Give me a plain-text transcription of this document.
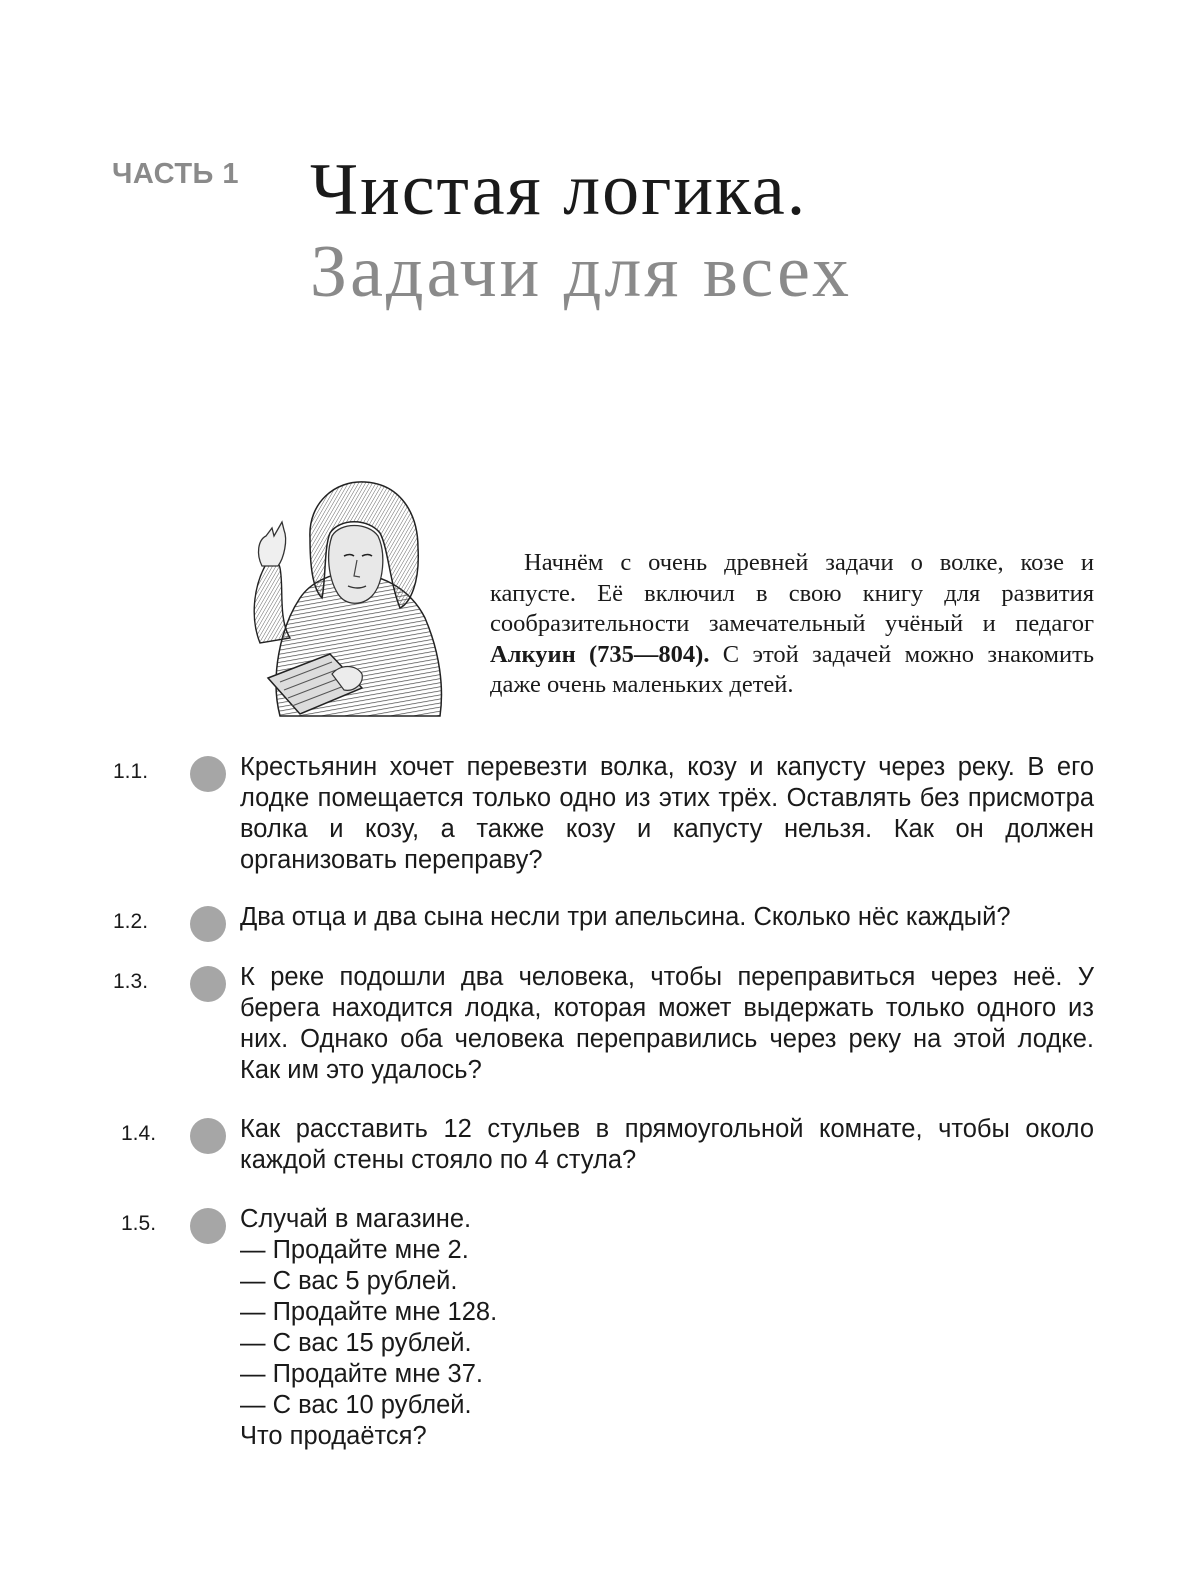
ЧАСТЬ 1 Чистая логика.
Задачи для всех
Начнём с очень древней задачи о волке, козе и капусте. Её включил в свою книгу для развития сообразительности замечательный учёный и педагог Алкуин (735—804). С этой задачей можно знакомить даже очень маленьких детей.
1.1.	Крестьянин хочет перевезти волка, козу и капусту через реку. В его лодке помещается только одно из этих трёх. Оставлять без присмотра волка и козу, а также козу и капусту нельзя. Как он должен организовать переправу?
1.2.	Два отца и два сына несли три апельсина. Сколько нёс каждый?
1.3.	К реке подошли два человека, чтобы переправиться через неё. У берега находится лодка, которая может выдержать только одного из них. Однако оба человека переправились через реку на этой лодке. Как им это удалось?
1.4.	Как расставить 12 стульев в прямоугольной комнате, чтобы около каждой стены стояло по 4 стула?
1.5.	Случай в магазине.
— Продайте мне 2.
— С вас 5 рублей.
— Продайте мне 128.
— С вас 15 рублей.
— Продайте мне 37.
— С вас 10 рублей.
Что продаётся?
